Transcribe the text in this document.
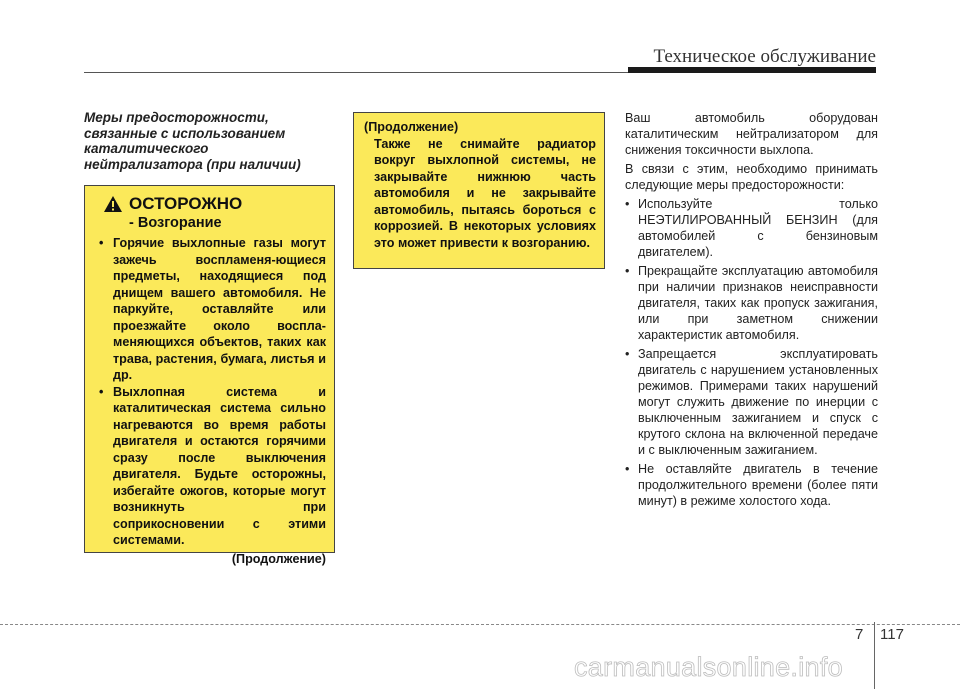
Техническое обслуживание
Меры предосторожности,
связанные с использованием
каталитического
нейтрализатора (при наличии)
ОСТОРОЖНО
- Возгорание
• Горячие выхлопные газы могут зажечь воспламеня-ющиеся предметы, находящиеся под днищем вашего автомобиля. Не паркуйте, оставляйте или проезжайте около воспла-меняющихся объектов, таких как трава, растения, бумага, листья и др.
• Выхлопная система и каталитическая система сильно нагреваются во время работы двигателя и остаются горячими сразу после выключения двигателя. Будьте осторожны, избегайте ожогов, которые могут возникнуть при соприкосновении с этими системами.
(Продолжение)
(Продолжение)
Также не снимайте радиатор вокруг выхлопной системы, не закрывайте нижнюю часть автомобиля и не закрывайте автомобиль, пытаясь бороться с коррозией. В некоторых условиях это может привести к возгоранию.

Ваш автомобиль оборудован каталитическим нейтрализатором для снижения токсичности выхлопа.

В связи с этим, необходимо принимать следующие меры предосторожности:

• Используйте только НЕЭТИЛИРОВАННЫЙ БЕНЗИН (для автомобилей с бензиновым двигателем).
• Прекращайте эксплуатацию автомобиля при наличии признаков неисправности двигателя, таких как пропуск зажигания, или при заметном снижении характеристик автомобиля.
• Запрещается эксплуатировать двигатель с нарушением установленных режимов. Примерами таких нарушений могут служить движение по инерции с выключенным зажиганием и спуск с крутого склона на включенной передаче и с выключенным зажиганием.
• Не оставляйте двигатель в течение продолжительного времени (более пяти минут) в режиме холостого хода.
7 117
carmanualsonline.info
